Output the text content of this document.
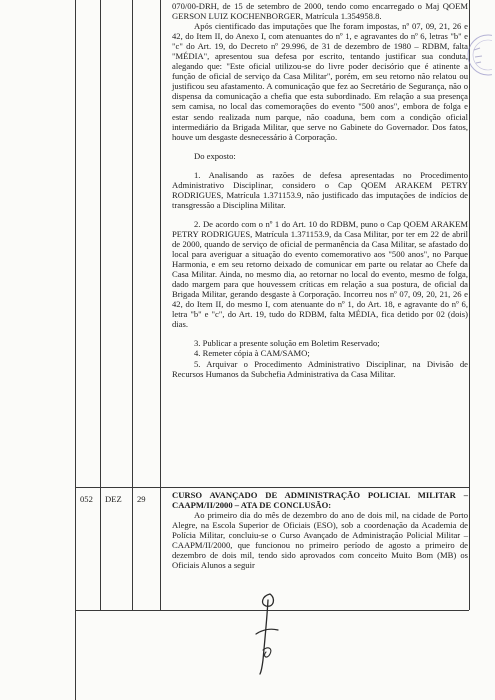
070/00-DRH, de 15 de setembro de 2000, tendo como encarregado o Maj QOEM GERSON LUIZ KOCHENBORGER, Matrícula 1.354958.8.

Após cientificado das imputações que lhe foram impostas, nº 07, 09, 21, 26 e 42, do Item II, do Anexo I, com atenuantes do nº 1, e agravantes do nº 6, letras "b" e "c" do Art. 19, do Decreto nº 29.996, de 31 de dezembro de 1980 – RDBM, falta "MÉDIA", apresentou sua defesa por escrito, tentando justificar sua conduta, alegando que: "Este oficial utilizou-se do livre poder decisório que é atinente a função de oficial de serviço da Casa Militar", porém, em seu retorno não relatou ou justificou seu afastamento. A comunicação que fez ao Secretário de Segurança, não o dispensa da comunicação a chefia que esta subordinado. Em relação a sua presença sem camisa, no local das comemorações do evento "500 anos", embora de folga e estar sendo realizada num parque, não coaduna, bem com a condição oficial intermediário da Brigada Militar, que serve no Gabinete do Governador. Dos fatos, houve um desgaste desnecessário à Corporação.

Do exposto:

1. Analisando as razões de defesa apresentadas no Procedimento Administrativo Disciplinar, considero o Cap QOEM ARAKEM PETRY RODRIGUES, Matrícula 1.371153.9, não justificado das imputações de indícios de transgressão a Disciplina Militar.

2. De acordo com o nº 1 do Art. 10 do RDBM, puno o Cap QOEM ARAKEM PETRY RODRIGUES, Matrícula 1.371153.9, da Casa Militar, por ter em 22 de abril de 2000, quando de serviço de oficial de permanência da Casa Militar, se afastado do local para averiguar a situação do evento comemorativo aos "500 anos", no Parque Harmonia, e em seu retorno deixado de comunicar em parte ou relatar ao Chefe da Casa Militar. Ainda, no mesmo dia, ao retornar no local do evento, mesmo de folga, dado margem para que houvessem críticas em relação a sua postura, de oficial da Brigada Militar, gerando desgaste à Corporação. Incorreu nos nº 07, 09, 20, 21, 26 e 42, do Item II, do mesmo I, com atenuante do nº 1, do Art. 18, e agravante do nº 6, letra "b" e "c", do Art. 19, tudo do RDBM, falta MÉDIA, fica detido por 02 (dois) dias.

3. Publicar a presente solução em Boletim Reservado;

4. Remeter cópia à CAM/SAMO;

5. Arquivar o Procedimento Administrativo Disciplinar, na Divisão de Recursos Humanos da Subchefia Administrativa da Casa Militar.

052 DEZ 29	CURSO AVANÇADO DE ADMINISTRAÇÃO POLICIAL MILITAR – CAAPM/II/2000 – ATA DE CONCLUSÃO:

Ao primeiro dia do mês de dezembro do ano de dois mil, na cidade de Porto Alegre, na Escola Superior de Oficiais (ESO), sob a coordenação da Academia de Polícia Militar, concluiu-se o Curso Avançado de Administração Policial Militar – CAAPM/II/2000, que funcionou no primeiro período de agosto a primeiro de dezembro de dois mil, tendo sido aprovados com conceito Muito Bom (MB) os Oficiais Alunos a seguir
